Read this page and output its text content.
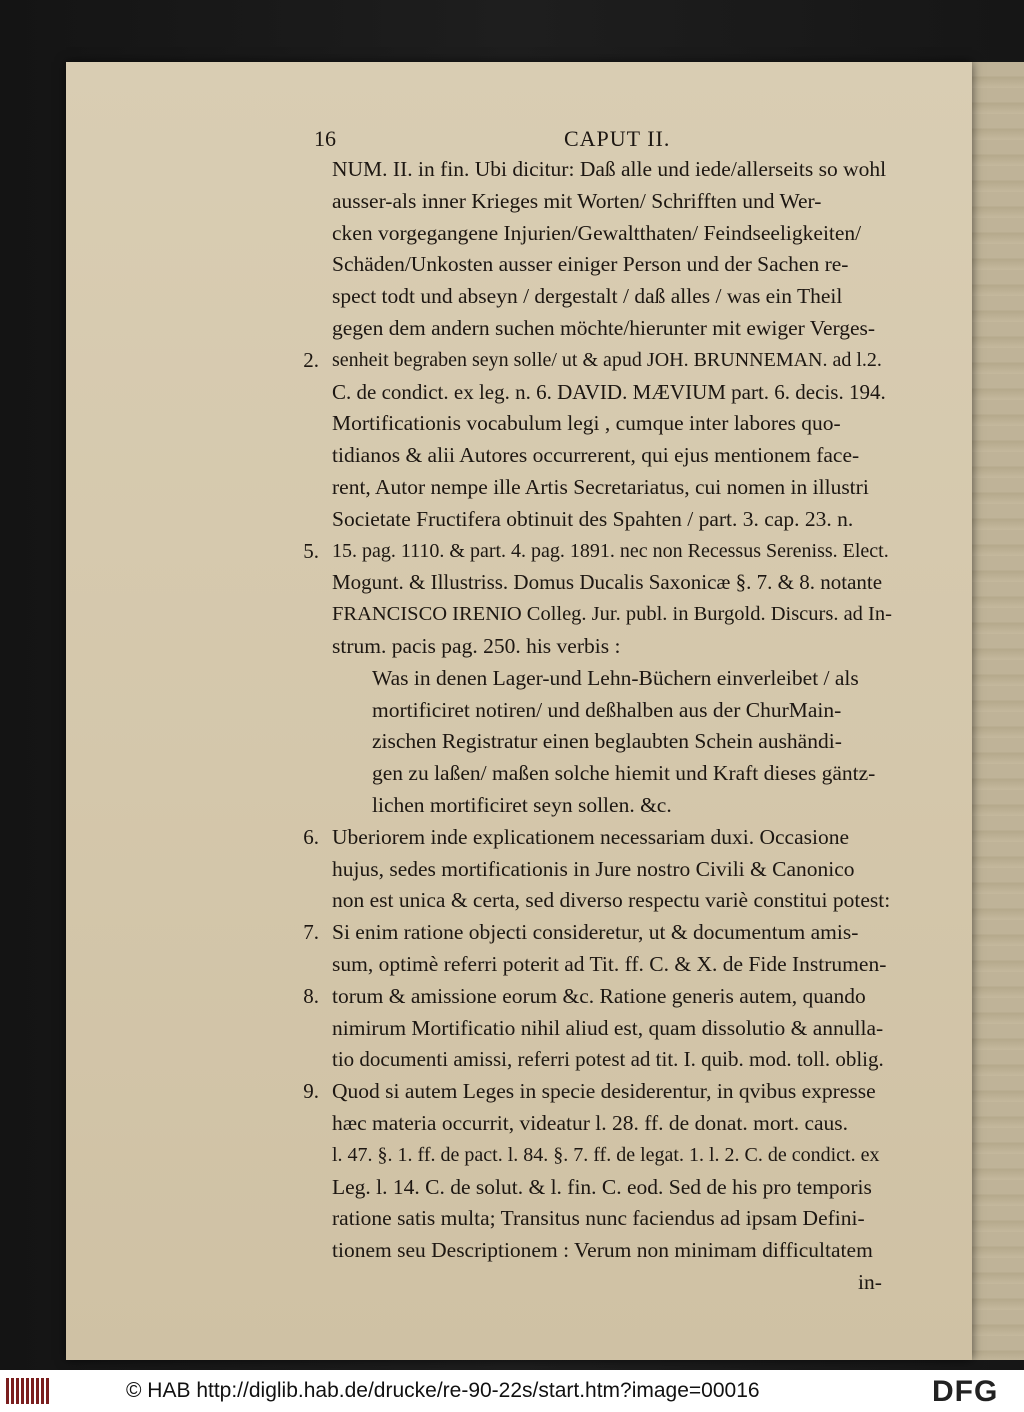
16	CAPUT II.
NUM. II. in fin. Ubi dicitur: Daß alle und iede/allerseits so wohl
ausser-als inner Krieges mit Worten/ Schrifften und Wer-
cken vorgegangene Injurien/Gewaltthaten/ Feindseeligkeiten/
Schäden/Unkosten ausser einiger Person und der Sachen re-
spect todt und abseyn / dergestalt / daß alles / was ein Theil
gegen dem andern suchen möchte/hierunter mit ewiger Verges-
2. senheit begraben seyn solle/ ut & apud JOH. BRUNNEMAN. ad l.2.
C. de condict. ex leg. n. 6. DAVID. MÆVIUM part. 6. decis. 194.
Mortificationis vocabulum legi , cumque inter labores quo-
tidianos & alii Autores occurrerent, qui ejus mentionem face-
rent, Autor nempe ille Artis Secretariatus, cui nomen in illustri
Societate Fructifera obtinuit des Spahten / part. 3. cap. 23. n.
5. 15. pag. 1110. & part. 4. pag. 1891. nec non Recessus Sereniss. Elect.
Mogunt. & Illustriss. Domus Ducalis Saxonicæ §. 7. & 8. notante
FRANCISCO IRENIO Colleg. Jur. publ. in Burgold. Discurs. ad In-
strum. pacis pag. 250. his verbis :
Was in denen Lager-und Lehn-Büchern einverleibet / als
mortificiret notiren/ und deßhalben aus der ChurMain-
zischen Registratur einen beglaubten Schein aushändi-
gen zu laßen/ maßen solche hiemit und Kraft dieses gäntz-
lichen mortificiret seyn sollen. &c.
6. Uberiorem inde explicationem necessariam duxi. Occasione
hujus, sedes mortificationis in Jure nostro Civili & Canonico
non est unica & certa, sed diverso respectu variè constitui potest:
7. Si enim ratione objecti consideretur, ut & documentum amis-
sum, optimè referri poterit ad Tit. ff. C. & X. de Fide Instrumen-
8. torum & amissione eorum &c. Ratione generis autem, quando
nimirum Mortificatio nihil aliud est, quam dissolutio & annulla-
tio documenti amissi, referri potest ad tit. I. quib. mod. toll. oblig.
9. Quod si autem Leges in specie desiderentur, in qvibus expresse
hæc materia occurrit, videatur l. 28. ff. de donat. mort. caus.
l. 47. §. 1. ff. de pact. l. 84. §. 7. ff. de legat. 1. l. 2. C. de condict. ex
Leg. l. 14. C. de solut. & l. fin. C. eod. Sed de his pro temporis
ratione satis multa; Transitus nunc faciendus ad ipsam Defini-
tionem seu Descriptionem : Verum non minimam difficultatem
in-
© HAB http://diglib.hab.de/drucke/re-90-22s/start.htm?image=00016	DFG
